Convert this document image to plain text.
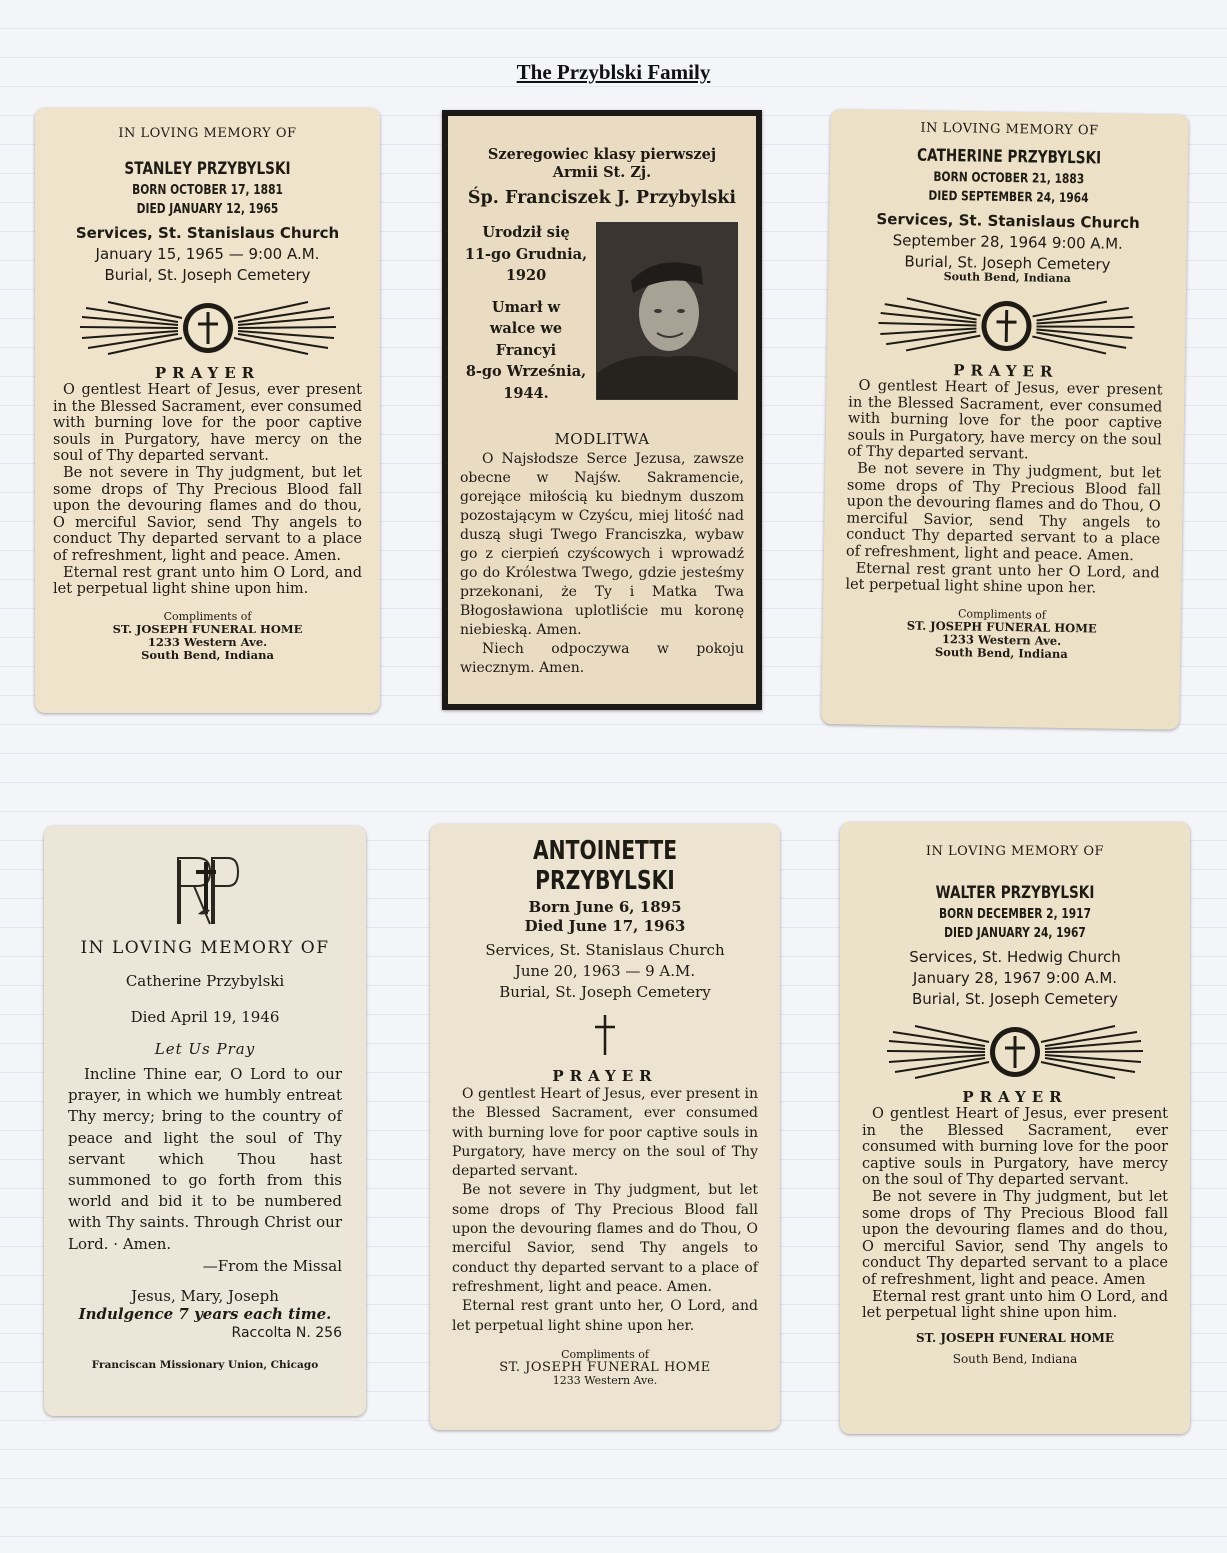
The Przyblski Family
IN LOVING MEMORY OF
STANLEY PRZYBYLSKI
BORN OCTOBER 17, 1881
DIED JANUARY 12, 1965
Services, St. Stanislaus Church
January 15, 1965 — 9:00 A.M.
Burial, St. Joseph Cemetery
PRAYER

O gentlest Heart of Jesus, ever present in the Blessed Sacrament, ever consumed with burning love for the poor captive souls in Purgatory, have mercy on the soul of Thy departed servant.

Be not severe in Thy judgment, but let some drops of Thy Precious Blood fall upon the devouring flames and do thou, O merciful Savior, send Thy angels to conduct Thy departed servant to a place of refreshment, light and peace. Amen.

Eternal rest grant unto him O Lord, and let perpetual light shine upon him.

Compliments of
ST. JOSEPH FUNERAL HOME
1233 Western Ave.
South Bend, Indiana
Szeregowiec klasy pierwszej
Armii St. Zj.
Śp. Franciszek J. Przybylski

Urodził się
11-go Grudnia,
1920

Umarł w
walce we
Francyi
8-go Września,
1944.

MODLITWA

O Najsłodsze Serce Jezusa, zawsze obecne w Najśw. Sakramencie, gorejące miłością ku biednym duszom pozostającym w Czyścu, miej litość nad duszą sługi Twego Franciszka, wybaw go z cierpień czyścowych i wprowadź go do Królestwa Twego, gdzie jesteśmy przekonani, że Ty i Matka Twa Błogosławiona uplotliście mu koronę niebieską. Amen.

Niech odpoczywa w pokoju wiecznym. Amen.

IN LOVING MEMORY OF
CATHERINE PRZYBYLSKI
BORN OCTOBER 21, 1883
DIED SEPTEMBER 24, 1964
Services, St. Stanislaus Church
September 28, 1964 9:00 A.M.
Burial, St. Joseph Cemetery
South Bend, Indiana
PRAYER

O gentlest Heart of Jesus, ever present in the Blessed Sacrament, ever consumed with burning love for the poor captive souls in Purgatory, have mercy on the soul of Thy departed servant.

Be not severe in Thy judgment, but let some drops of Thy Precious Blood fall upon the devouring flames and do Thou, O merciful Savior, send Thy angels to conduct Thy departed servant to a place of refreshment, light and peace. Amen.

Eternal rest grant unto her O Lord, and let perpetual light shine upon her.

Compliments of
ST. JOSEPH FUNERAL HOME
1233 Western Ave.
South Bend, Indiana
IN LOVING MEMORY OF
Catherine Przybylski
Died April 19, 1946
Let Us Pray

Incline Thine ear, O Lord to our prayer, in which we humbly entreat Thy mercy; bring to the country of peace and light the soul of Thy servant which Thou hast summoned to go forth from this world and bid it to be numbered with Thy saints. Through Christ our Lord. · Amen.

—From the Missal
Jesus, Mary, Joseph
Indulgence 7 years each time.
Raccolta N. 256
Franciscan Missionary Union, Chicago
ANTOINETTE PRZYBYLSKI
Born June 6, 1895
Died June 17, 1963
Services, St. Stanislaus Church
June 20, 1963 — 9 A.M.
Burial, St. Joseph Cemetery
PRAYER

O gentlest Heart of Jesus, ever present in the Blessed Sacrament, ever consumed with burning love for poor captive souls in Purgatory, have mercy on the soul of Thy departed servant.

Be not severe in Thy judgment, but let some drops of Thy Precious Blood fall upon the devouring flames and do Thou, O merciful Savior, send Thy angels to conduct thy departed servant to a place of refreshment, light and peace. Amen.

Eternal rest grant unto her, O Lord, and let perpetual light shine upon her.

Compliments of
ST. JOSEPH FUNERAL HOME
1233 Western Ave.
IN LOVING MEMORY OF
WALTER PRZYBYLSKI
BORN DECEMBER 2, 1917
DIED JANUARY 24, 1967
Services, St. Hedwig Church
January 28, 1967 9:00 A.M.
Burial, St. Joseph Cemetery
PRAYER

O gentlest Heart of Jesus, ever present in the Blessed Sacrament, ever consumed with burning love for the poor captive souls in Purgatory, have mercy on the soul of Thy departed servant.

Be not severe in Thy judgment, but let some drops of Thy Precious Blood fall upon the devouring flames and do thou, O merciful Savior, send Thy angels to conduct Thy departed servant to a place of refreshment, light and peace. Amen

Eternal rest grant unto him O Lord, and let perpetual light shine upon him.

ST. JOSEPH FUNERAL HOME
South Bend, Indiana
